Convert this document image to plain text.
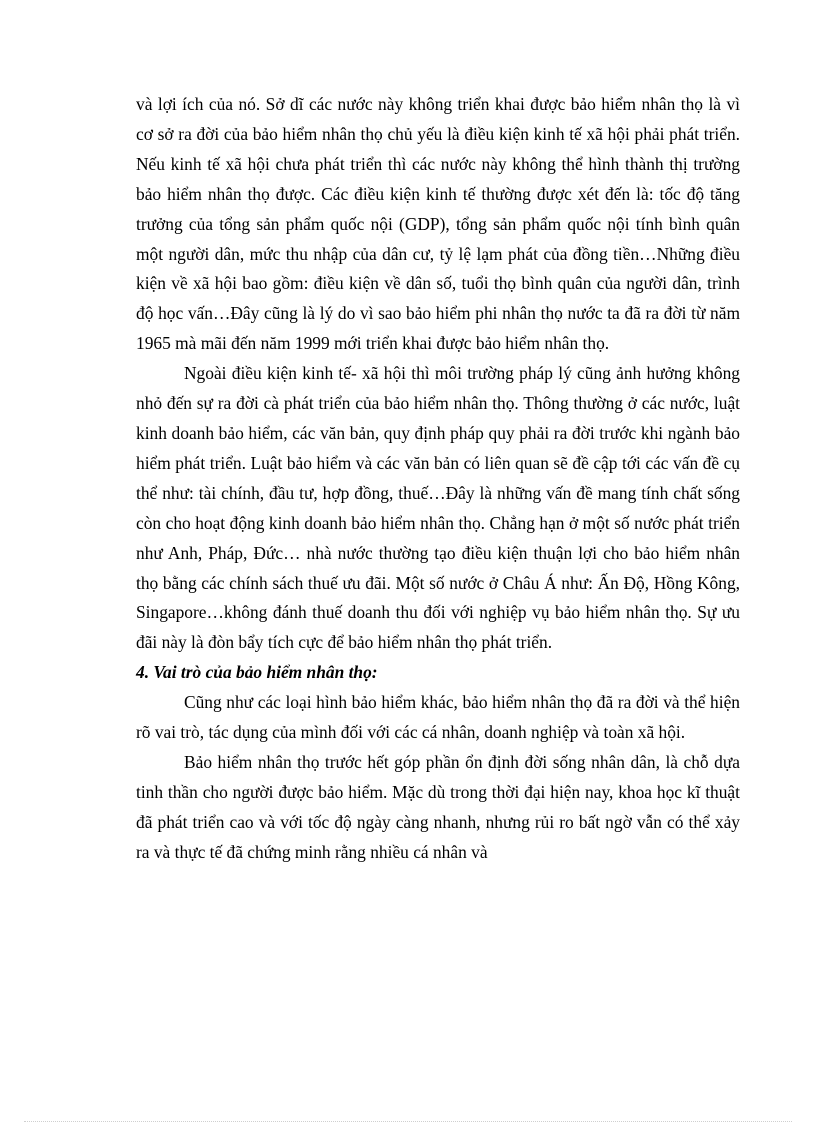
và lợi ích của nó. Sở dĩ các nước này không triển khai được bảo hiểm nhân thọ là vì cơ sở ra đời của bảo hiểm nhân thọ chủ yếu là điều kiện kinh tế xã hội phải phát triển. Nếu kinh tế xã hội chưa phát triển thì các nước này không thể hình thành thị trường bảo hiểm nhân thọ được. Các điều kiện kinh tế thường được xét đến là: tốc độ tăng trưởng của tổng sản phẩm quốc nội (GDP), tổng sản phẩm quốc nội tính bình quân một người dân, mức thu nhập của dân cư, tỷ lệ lạm phát của đồng tiền…Những điều kiện về xã hội bao gồm: điều kiện về dân số, tuổi thọ bình quân của người dân, trình độ học vấn…Đây cũng là lý do vì sao bảo hiểm phi nhân thọ nước ta đã ra đời từ năm 1965 mà mãi đến năm 1999 mới triển khai được bảo hiểm nhân thọ.

Ngoài điều kiện kinh tế- xã hội thì môi trường pháp lý cũng ảnh hưởng không nhỏ đến sự ra đời cà phát triển của bảo hiểm nhân thọ. Thông thường ở các nước, luật kinh doanh bảo hiểm, các văn bản, quy định pháp quy phải ra đời trước khi ngành bảo hiểm phát triển. Luật bảo hiểm và các văn bản có liên quan sẽ đề cập tới các vấn đề cụ thể như: tài chính, đầu tư, hợp đồng, thuế…Đây là những vấn đề mang tính chất sống còn cho hoạt động kinh doanh bảo hiểm nhân thọ. Chẳng hạn ở một số nước phát triển như Anh, Pháp, Đức… nhà nước thường tạo điều kiện thuận lợi cho bảo hiểm nhân thọ bằng các chính sách thuế ưu đãi. Một số nước ở Châu Á như: Ấn Độ, Hồng Kông, Singapore…không đánh thuế doanh thu đối với nghiệp vụ bảo hiểm nhân thọ. Sự ưu đãi này là đòn bẩy tích cực để bảo hiểm nhân thọ phát triển.

4. Vai trò của bảo hiểm nhân thọ:

Cũng như các loại hình bảo hiểm khác, bảo hiểm nhân thọ đã ra đời và thể hiện rõ vai trò, tác dụng của mình đối với các cá nhân, doanh nghiệp và toàn xã hội.

Bảo hiểm nhân thọ trước hết góp phần ổn định đời sống nhân dân, là chỗ dựa tinh thần cho người được bảo hiểm. Mặc dù trong thời đại hiện nay, khoa học kĩ thuật đã phát triển cao và với tốc độ ngày càng nhanh, nhưng rủi ro bất ngờ vẫn có thể xảy ra và thực tế đã chứng minh rằng nhiều cá nhân và
